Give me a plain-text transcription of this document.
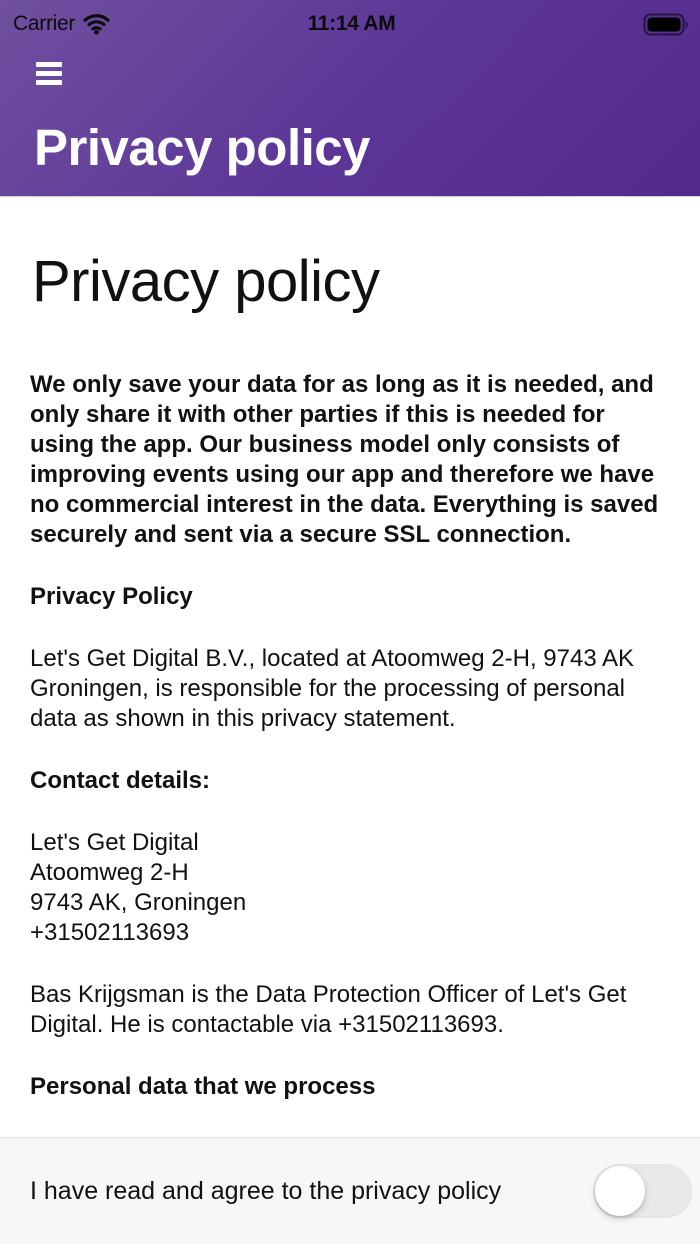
Carrier	11:14 AM
Privacy policy
Privacy policy

We only save your data for as long as it is needed, and only share it with other parties if this is needed for using the app. Our business model only consists of improving events using our app and therefore we have no commercial interest in the data. Everything is saved securely and sent via a secure SSL connection.

Privacy Policy

Let's Get Digital B.V., located at Atoomweg 2-H, 9743 AK Groningen, is responsible for the processing of personal data as shown in this privacy statement.

Contact details:
Let's Get Digital
Atoomweg 2-H
9743 AK, Groningen
+31502113693

Bas Krijgsman is the Data Protection Officer of Let's Get Digital. He is contactable via +31502113693.

Personal data that we process
I have read and agree to the privacy policy
